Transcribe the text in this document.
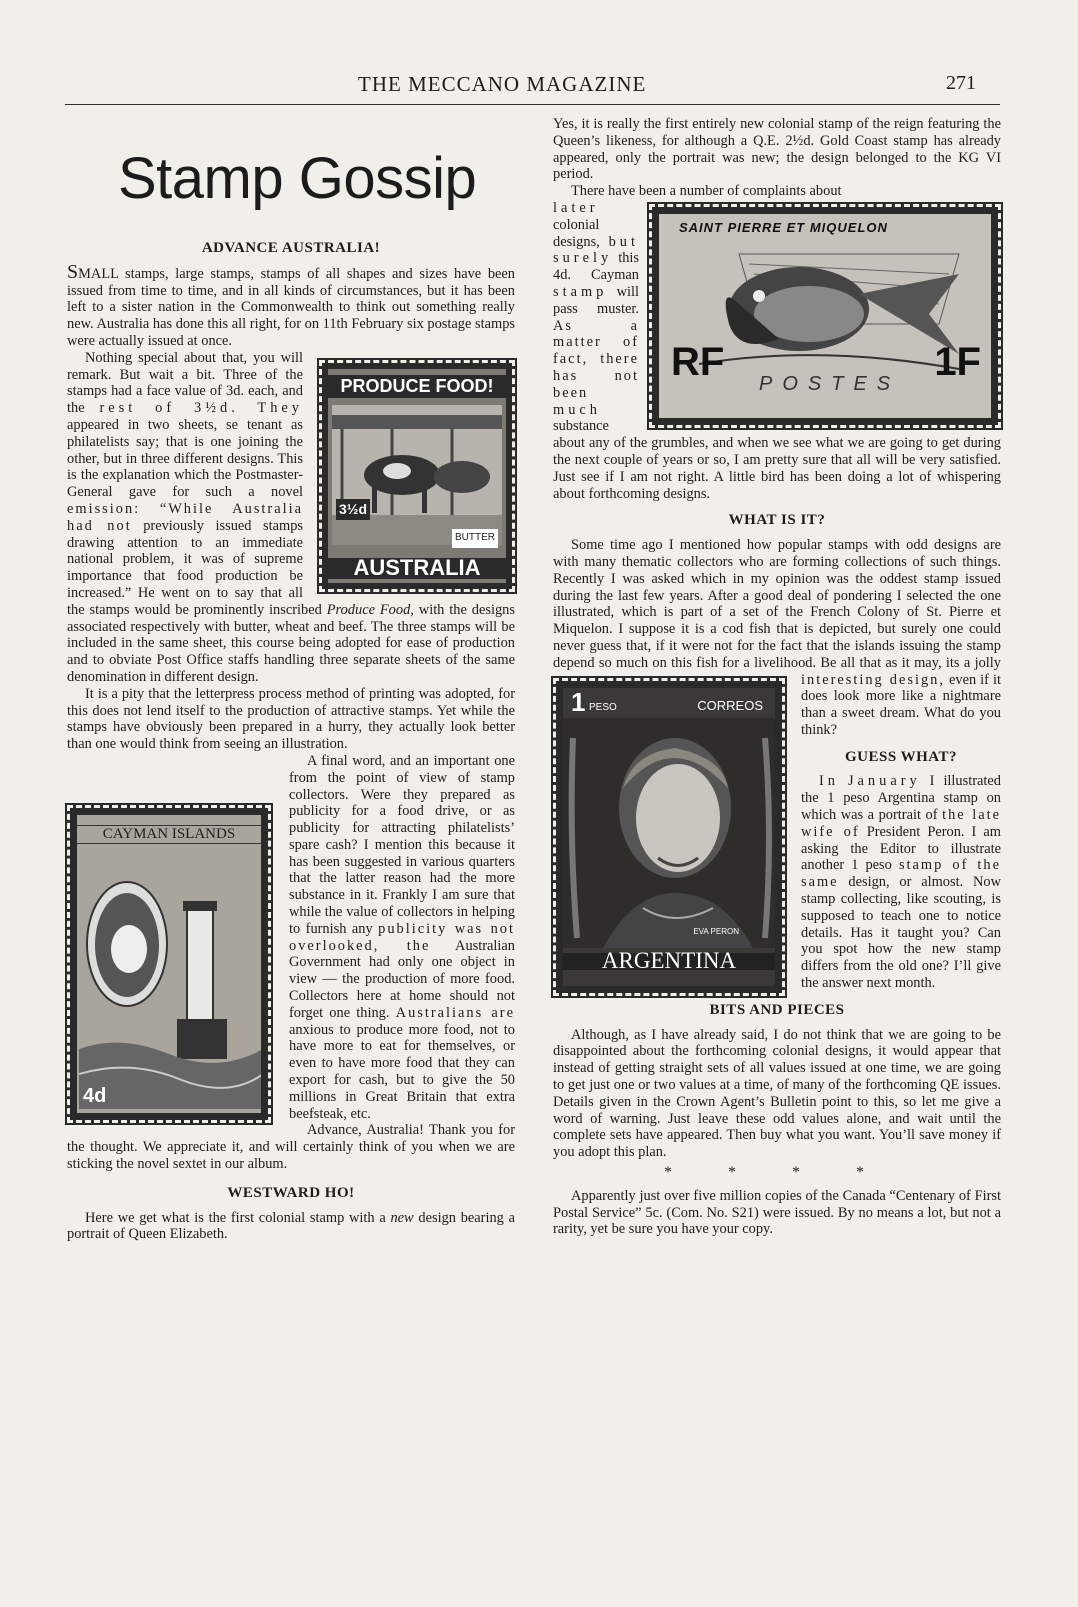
THE MECCANO MAGAZINE	271
Stamp Gossip
ADVANCE AUSTRALIA!

SMALL stamps, large stamps, stamps of all shapes and sizes have been issued from time to time, and in all kinds of circumstances, but it has been left to a sister nation in the Commonwealth to think out something really new. Australia has done this all right, for on 11th February six postage stamps were actually issued at once.

PRODUCE FOOD!
3½d
BUTTER
AUSTRALIA

Nothing special about that, you will remark. But wait a bit. Three of the stamps had a face value of 3d. each, and the rest of 3½d. They appeared in two sheets, se tenant as philatelists say; that is one joining the other, but in three different designs. This is the explanation which the Postmaster-General gave for such a novel emission: “While Australia had not previously issued stamps drawing attention to an immediate national problem, it was of supreme importance that food production be increased.” He went on to say that all the stamps would be prominently inscribed Produce Food, with the designs associated respectively with butter, wheat and beef. The three stamps will be included in the same sheet, this course being adopted for ease of production and to obviate Post Office staffs handling three separate sheets of the same denomination in different design.

It is a pity that the letterpress process method of printing was adopted, for this does not lend itself to the production of attractive stamps. Yet while the stamps have obviously been prepared in a hurry, they actually look better than one would think from seeing an illustration.

CAYMAN ISLANDS
4d

A final word, and an important one from the point of view of stamp collectors. Were they prepared as publicity for a food drive, or as publicity for attracting philatelists’ spare cash? I mention this because it has been suggested in various quarters that the latter reason had the more substance in it. Frankly I am sure that while the value of collectors in helping to furnish any publicity was not overlooked, the Australian Government had only one object in view — the production of more food. Collectors here at home should not forget one thing. Australians are anxious to produce more food, not to have more to eat for themselves, or even to have more food that they can export for cash, but to give the 50 millions in Great Britain that extra beefsteak, etc.

Advance, Australia! Thank you for the thought. We appreciate it, and will certainly think of you when we are sticking the novel sextet in our album.

WESTWARD HO!

Here we get what is the first colonial stamp with a new design bearing a portrait of Queen Elizabeth.

Yes, it is really the first entirely new colonial stamp of the reign featuring the Queen’s likeness, for although a Q.E. 2½d. Gold Coast stamp has already appeared, only the portrait was new; the design belonged to the KG VI period.

There have been a number of complaints about

SAINT PIERRE ET MIQUELON
RF POSTES 1F

later colonial designs, but surely this 4d. Cayman stamp will pass muster. As a matter of fact, there has not been much substance about any of the grumbles, and when we see what we are going to get during the next couple of years or so, I am pretty sure that all will be very satisfied. Just see if I am not right. A little bird has been doing a lot of whispering about forthcoming designs.

WHAT IS IT?

Some time ago I mentioned how popular stamps with odd designs are with many thematic collectors who are forming collections of such things. Recently I was asked which in my opinion was the oddest stamp issued during the last few years. After a good deal of pondering I selected the one illustrated, which is part of a set of the French Colony of St. Pierre et Miquelon. I suppose it is a cod fish that is depicted, but surely one could never guess that, if it were not for the fact that the islands issuing the stamp depend so much on this fish for a livelihood. Be all that as it may, its a jolly
1 PESO	CORREOS
EVA PERON
ARGENTINA
interesting design, even if it does look more like a nightmare than a sweet dream. What do you think?

GUESS WHAT?

In January I illustrated the 1 peso Argentina stamp on which was a portrait of the late wife of President Peron. I am asking the Editor to illustrate another 1 peso stamp of the same design, or almost. Now stamp collecting, like scouting, is supposed to teach one to notice details. Has it taught you? Can you spot how the new stamp differs from the old one? I’ll give the answer next month.

BITS AND PIECES

Although, as I have already said, I do not think that we are going to be disappointed about the forthcoming colonial designs, it would appear that instead of getting straight sets of all values issued at one time, we are going to get just one or two values at a time, of many of the forthcoming QE issues. Details given in the Crown Agent’s Bulletin point to this, so let me give a word of warning. Just leave these odd values alone, and wait until the complete sets have appeared. Then buy what you want. You’ll save money if you adopt this plan.

* * * *

Apparently just over five million copies of the Canada “Centenary of First Postal Service” 5c. (Com. No. S21) were issued. By no means a lot, but not a rarity, yet be sure you have your copy.
